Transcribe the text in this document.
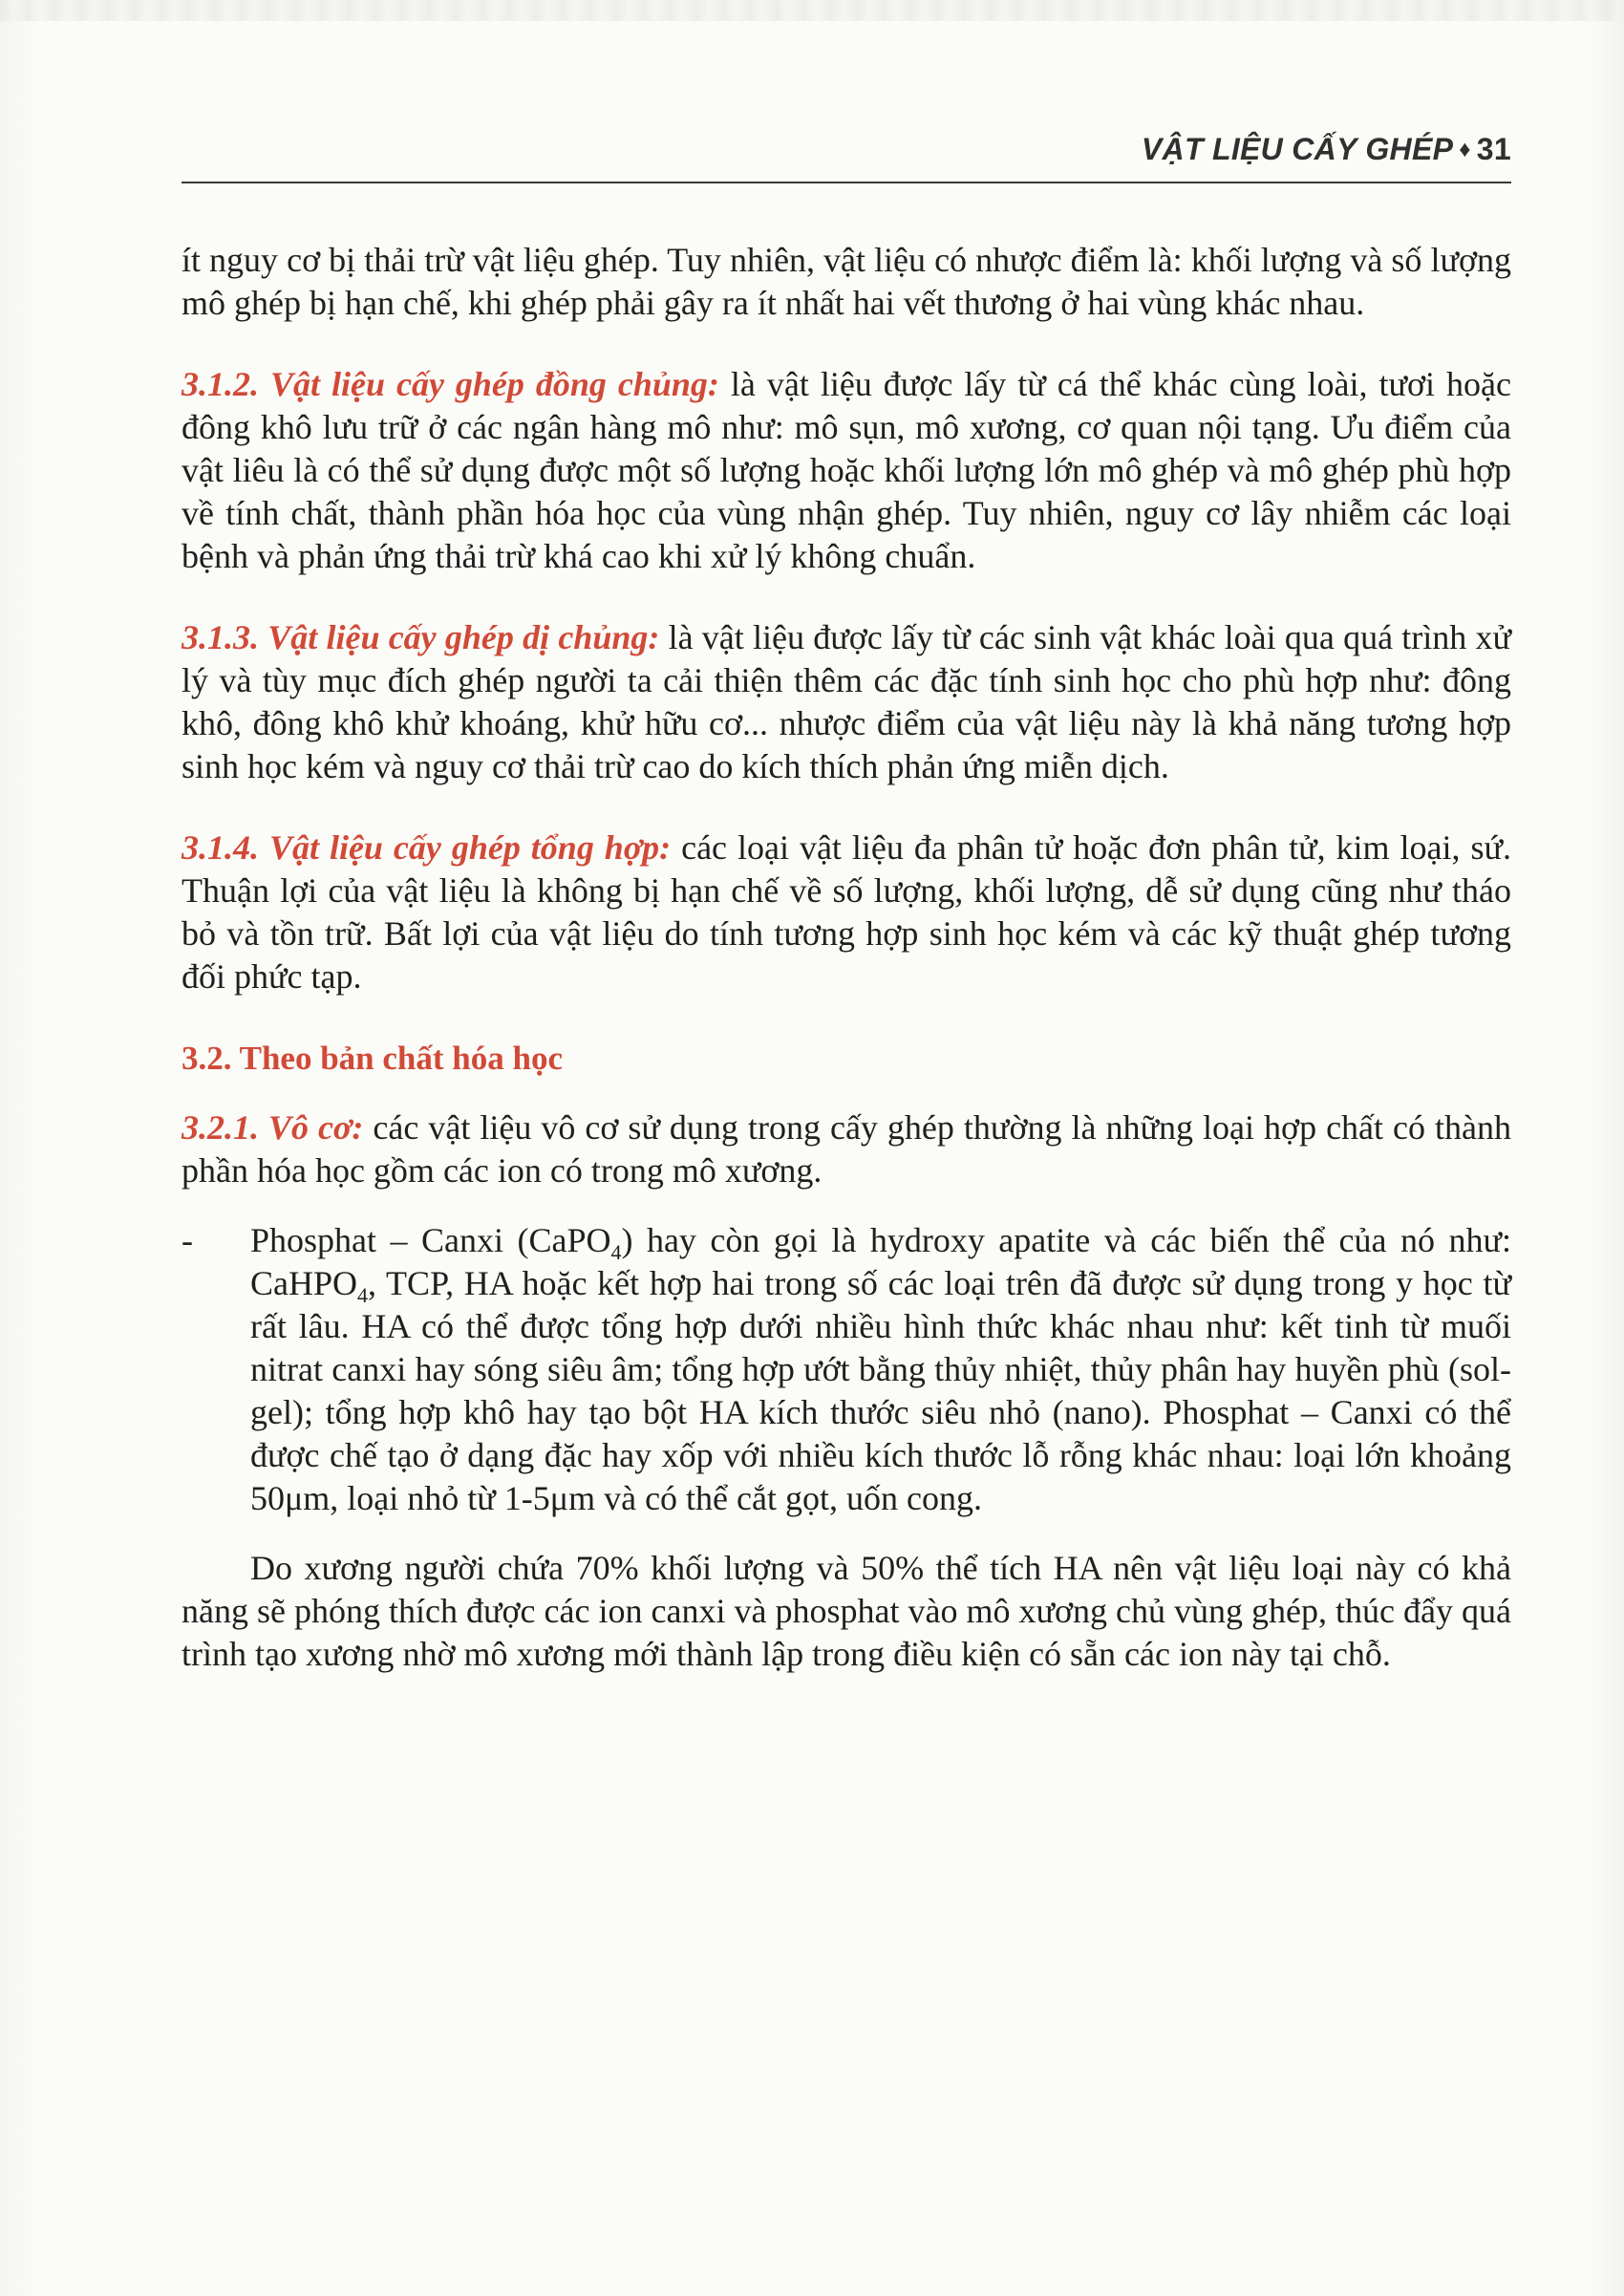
VẬT LIỆU CẤY GHÉP ♦ 31

ít nguy cơ bị thải trừ vật liệu ghép. Tuy nhiên, vật liệu có nhược điểm là: khối lượng và số lượng mô ghép bị hạn chế, khi ghép phải gây ra ít nhất hai vết thương ở hai vùng khác nhau.

3.1.2. Vật liệu cấy ghép đồng chủng: là vật liệu được lấy từ cá thể khác cùng loài, tươi hoặc đông khô lưu trữ ở các ngân hàng mô như: mô sụn, mô xương, cơ quan nội tạng. Ưu điểm của vật liêu là có thể sử dụng được một số lượng hoặc khối lượng lớn mô ghép và mô ghép phù hợp về tính chất, thành phần hóa học của vùng nhận ghép. Tuy nhiên, nguy cơ lây nhiễm các loại bệnh và phản ứng thải trừ khá cao khi xử lý không chuẩn.

3.1.3. Vật liệu cấy ghép dị chủng: là vật liệu được lấy từ các sinh vật khác loài qua quá trình xử lý và tùy mục đích ghép người ta cải thiện thêm các đặc tính sinh học cho phù hợp như: đông khô, đông khô khử khoáng, khử hữu cơ... nhược điểm của vật liệu này là khả năng tương hợp sinh học kém và nguy cơ thải trừ cao do kích thích phản ứng miễn dịch.

3.1.4. Vật liệu cấy ghép tổng hợp: các loại vật liệu đa phân tử hoặc đơn phân tử, kim loại, sứ. Thuận lợi của vật liệu là không bị hạn chế về số lượng, khối lượng, dễ sử dụng cũng như tháo bỏ và tồn trữ. Bất lợi của vật liệu do tính tương hợp sinh học kém và các kỹ thuật ghép tương đối phức tạp.

3.2. Theo bản chất hóa học

3.2.1. Vô cơ: các vật liệu vô cơ sử dụng trong cấy ghép thường là những loại hợp chất có thành phần hóa học gồm các ion có trong mô xương.

- Phosphat – Canxi (CaPO$_4$) hay còn gọi là hydroxy apatite và các biến thể của nó như: CaHPO$_4$, TCP, HA hoặc kết hợp hai trong số các loại trên đã được sử dụng trong y học từ rất lâu. HA có thể được tổng hợp dưới nhiều hình thức khác nhau như: kết tinh từ muối nitrat canxi hay sóng siêu âm; tổng hợp ướt bằng thủy nhiệt, thủy phân hay huyền phù (sol-gel); tổng hợp khô hay tạo bột HA kích thước siêu nhỏ (nano). Phosphat – Canxi có thể được chế tạo ở dạng đặc hay xốp với nhiều kích thước lỗ rỗng khác nhau: loại lớn khoảng 50μm, loại nhỏ từ 1-5μm và có thể cắt gọt, uốn cong.

Do xương người chứa 70% khối lượng và 50% thể tích HA nên vật liệu loại này có khả năng sẽ phóng thích được các ion canxi và phosphat vào mô xương chủ vùng ghép, thúc đẩy quá trình tạo xương nhờ mô xương mới thành lập trong điều kiện có sẵn các ion này tại chỗ.
